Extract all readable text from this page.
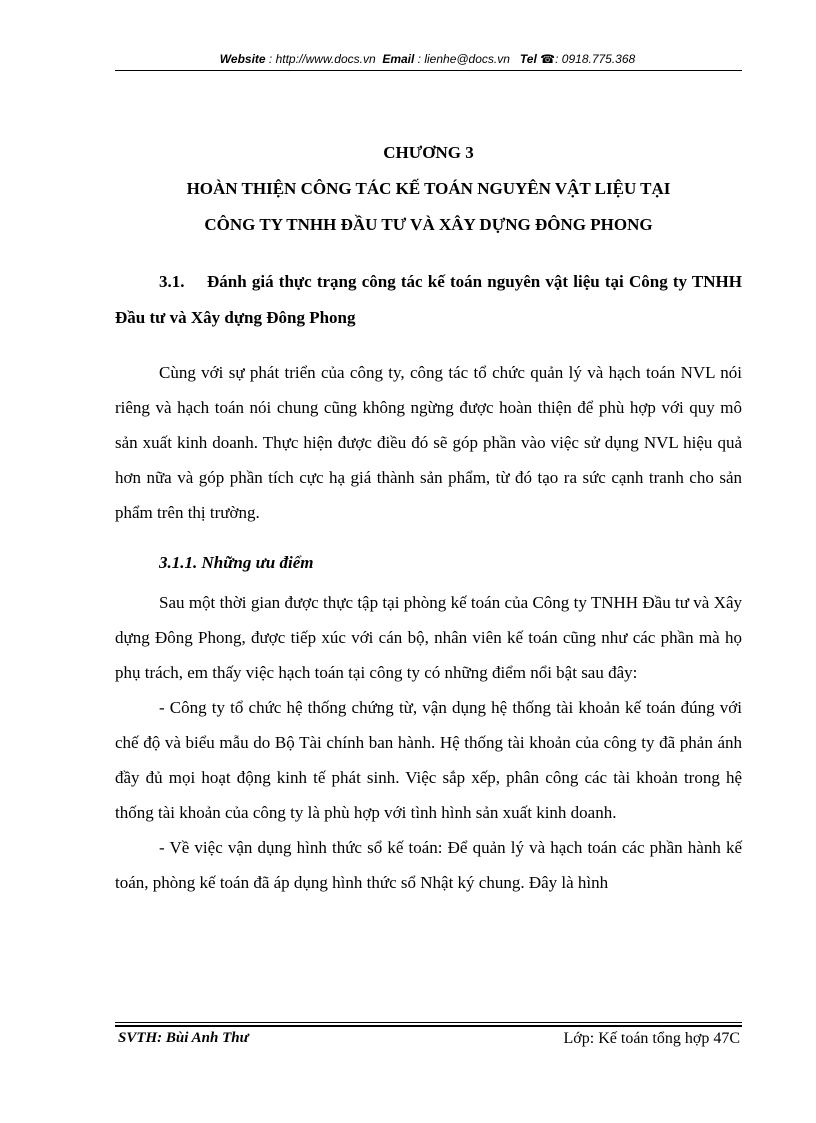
Website : http://www.docs.vn Email : lienhe@docs.vn Tel ☎: 0918.775.368
CHƯƠNG 3
HOÀN THIỆN CÔNG TÁC KẾ TOÁN NGUYÊN VẬT LIỆU TẠI
CÔNG TY TNHH ĐẦU TƯ VÀ XÂY DỰNG ĐÔNG PHONG
3.1. Đánh giá thực trạng công tác kế toán nguyên vật liệu tại Công ty TNHH Đầu tư và Xây dựng Đông Phong

Cùng với sự phát triển của công ty, công tác tổ chức quản lý và hạch toán NVL nói riêng và hạch toán nói chung cũng không ngừng được hoàn thiện để phù hợp với quy mô sản xuất kinh doanh. Thực hiện được điều đó sẽ góp phần vào việc sử dụng NVL hiệu quả hơn nữa và góp phần tích cực hạ giá thành sản phẩm, từ đó tạo ra sức cạnh tranh cho sản phẩm trên thị trường.

3.1.1. Những ưu điểm

Sau một thời gian được thực tập tại phòng kế toán của Công ty TNHH Đầu tư và Xây dựng Đông Phong, được tiếp xúc với cán bộ, nhân viên kế toán cũng như các phần mà họ phụ trách, em thấy việc hạch toán tại công ty có những điểm nổi bật sau đây:

- Công ty tổ chức hệ thống chứng từ, vận dụng hệ thống tài khoản kế toán đúng với chế độ và biểu mẫu do Bộ Tài chính ban hành. Hệ thống tài khoản của công ty đã phản ánh đầy đủ mọi hoạt động kinh tế phát sinh. Việc sắp xếp, phân công các tài khoản trong hệ thống tài khoản của công ty là phù hợp với tình hình sản xuất kinh doanh.

- Về việc vận dụng hình thức sổ kế toán: Để quản lý và hạch toán các phần hành kế toán, phòng kế toán đã áp dụng hình thức sổ Nhật ký chung. Đây là hình

SVTH: Bùi Anh Thư	Lớp: Kế toán tổng hợp 47C
